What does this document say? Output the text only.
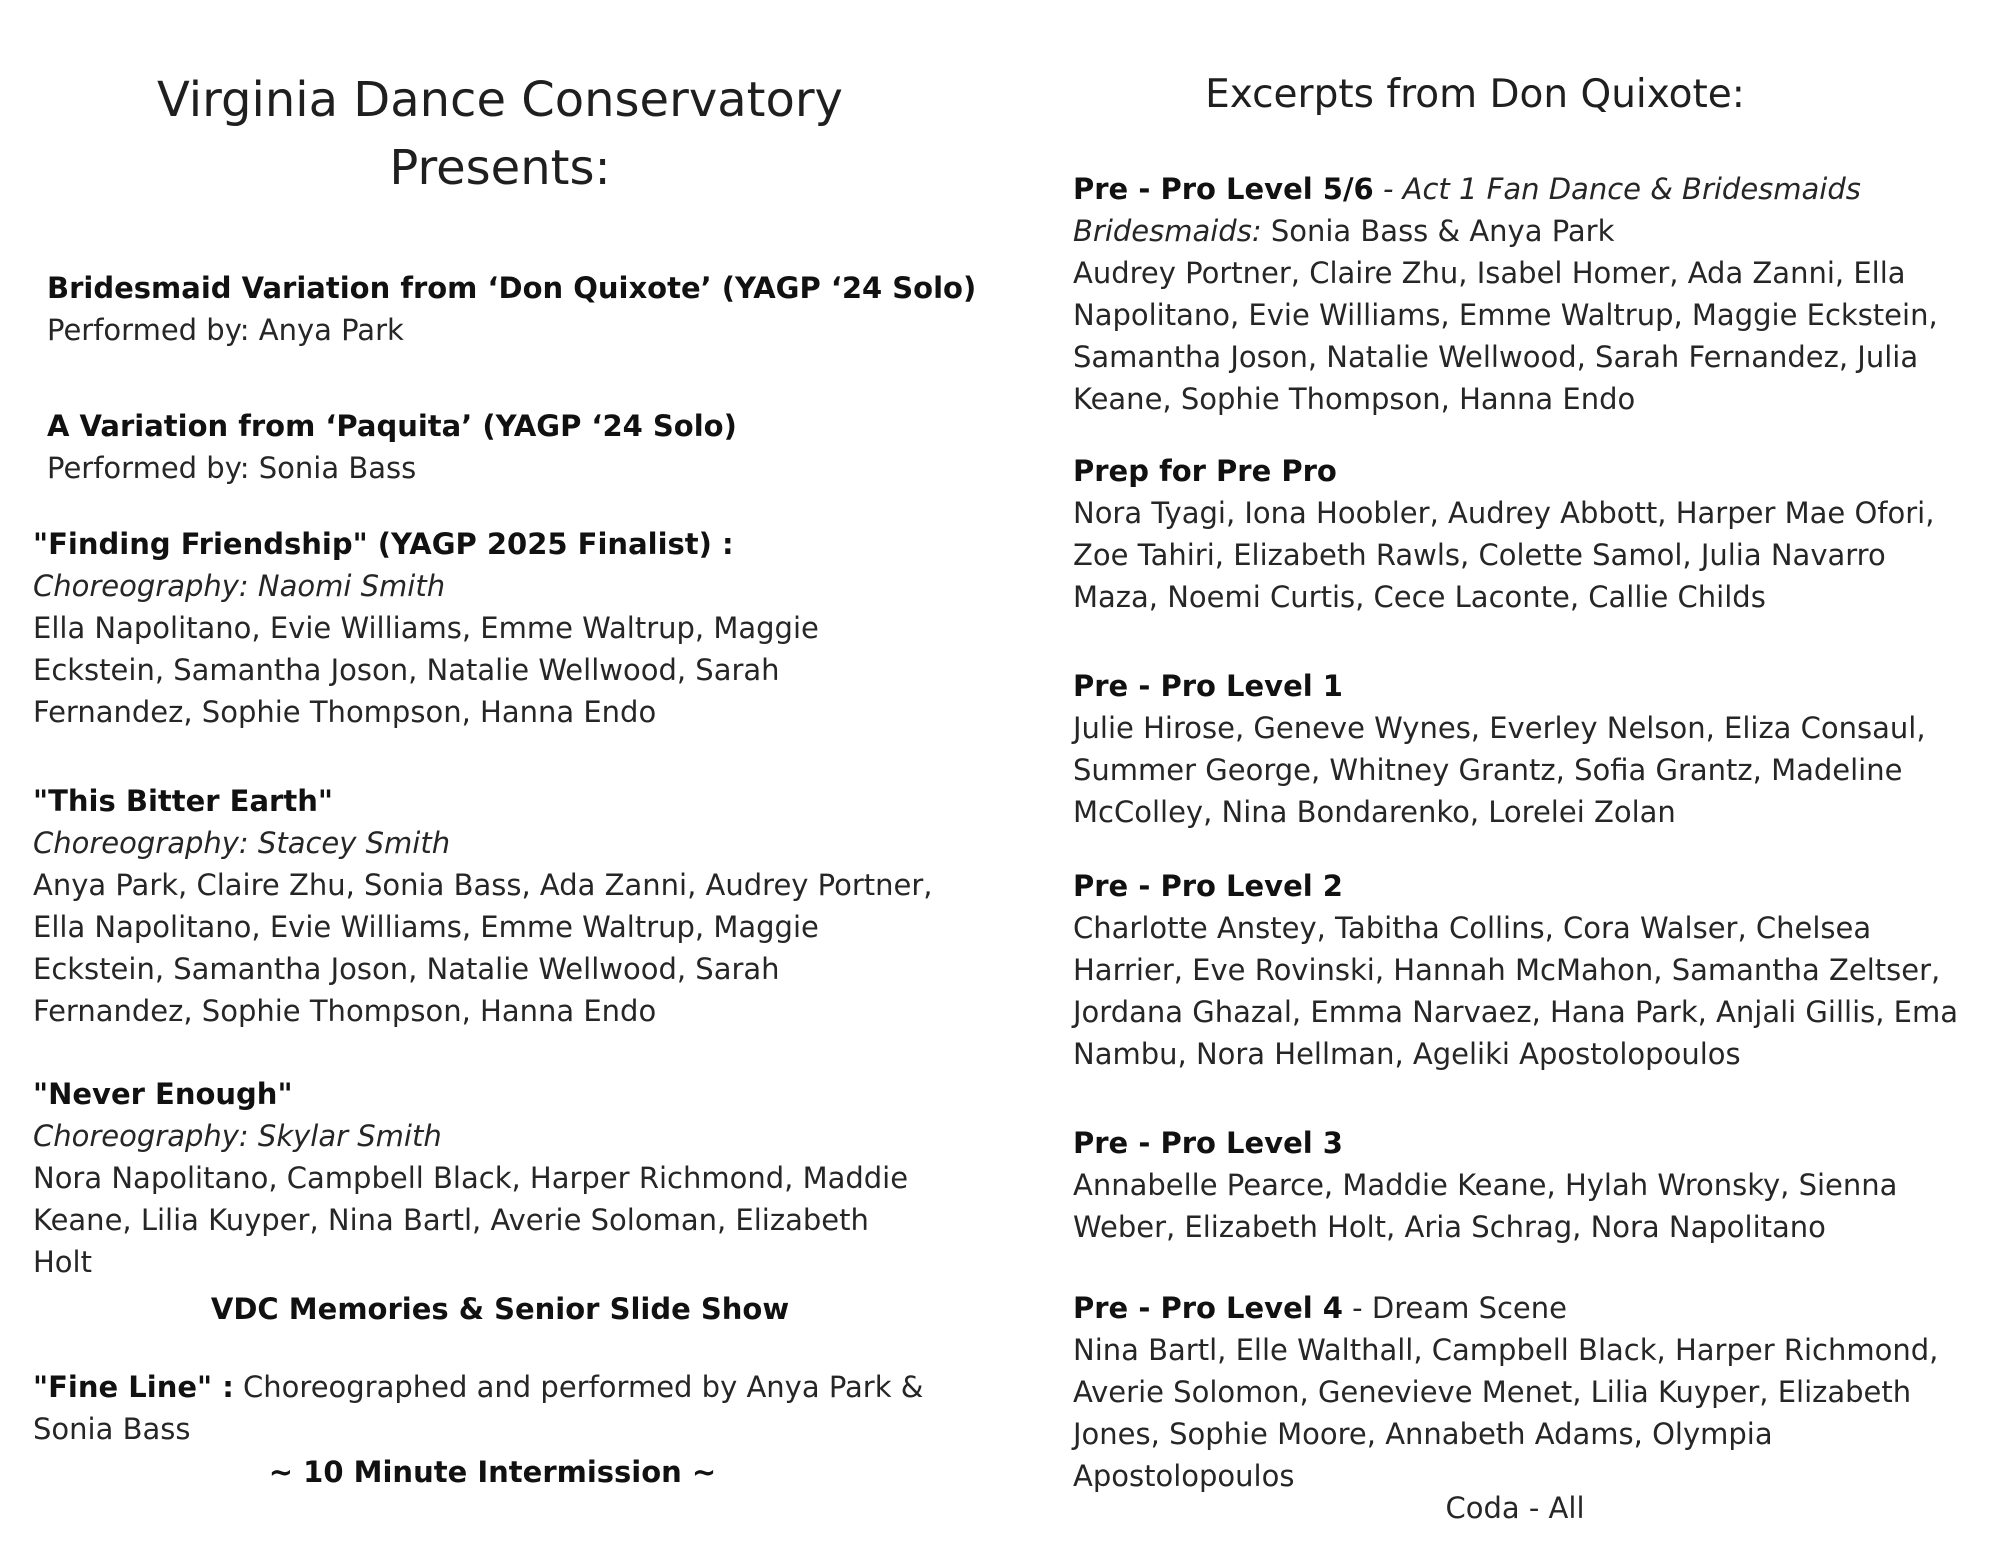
Virginia Dance Conservatory
Presents:

Bridesmaid Variation from ‘Don Quixote’ (YAGP ‘24 Solo)

Performed by: Anya Park

A Variation from ‘Paquita’ (YAGP ‘24 Solo)

Performed by: Sonia Bass

"Finding Friendship" (YAGP 2025 Finalist) :

Choreography: Naomi Smith

Ella Napolitano, Evie Williams, Emme Waltrup, Maggie Eckstein, Samantha Joson, Natalie Wellwood, Sarah Fernandez, Sophie Thompson, Hanna Endo

"This Bitter Earth"

Choreography: Stacey Smith

Anya Park, Claire Zhu, Sonia Bass, Ada Zanni, Audrey Portner, Ella Napolitano, Evie Williams, Emme Waltrup, Maggie Eckstein, Samantha Joson, Natalie Wellwood, Sarah Fernandez, Sophie Thompson, Hanna Endo

"Never Enough"

Choreography: Skylar Smith

Nora Napolitano, Campbell Black, Harper Richmond, Maddie Keane, Lilia Kuyper, Nina Bartl, Averie Soloman, Elizabeth Holt

VDC Memories & Senior Slide Show
"Fine Line" : Choreographed and performed by Anya Park & Sonia Bass
~ 10 Minute Intermission ~
Excerpts from Don Quixote:

Pre - Pro Level 5/6 - Act 1 Fan Dance & Bridesmaids

Bridesmaids: Sonia Bass & Anya Park

Audrey Portner, Claire Zhu, Isabel Homer, Ada Zanni, Ella Napolitano, Evie Williams, Emme Waltrup, Maggie Eckstein, Samantha Joson, Natalie Wellwood, Sarah Fernandez, Julia Keane, Sophie Thompson, Hanna Endo

Prep for Pre Pro

Nora Tyagi, Iona Hoobler, Audrey Abbott, Harper Mae Ofori, Zoe Tahiri, Elizabeth Rawls, Colette Samol, Julia Navarro Maza, Noemi Curtis, Cece Laconte, Callie Childs

Pre - Pro Level 1

Julie Hirose, Geneve Wynes, Everley Nelson, Eliza Consaul, Summer George, Whitney Grantz, Sofia Grantz, Madeline McColley, Nina Bondarenko, Lorelei Zolan

Pre - Pro Level 2

Charlotte Anstey, Tabitha Collins, Cora Walser, Chelsea Harrier, Eve Rovinski, Hannah McMahon, Samantha Zeltser, Jordana Ghazal, Emma Narvaez, Hana Park, Anjali Gillis, Ema Nambu, Nora Hellman, Ageliki Apostolopoulos

Pre - Pro Level 3

Annabelle Pearce, Maddie Keane, Hylah Wronsky, Sienna Weber, Elizabeth Holt, Aria Schrag, Nora Napolitano

Pre - Pro Level 4 - Dream Scene

Nina Bartl, Elle Walthall, Campbell Black, Harper Richmond, Averie Solomon, Genevieve Menet, Lilia Kuyper, Elizabeth Jones, Sophie Moore, Annabeth Adams, Olympia Apostolopoulos

Coda - All
